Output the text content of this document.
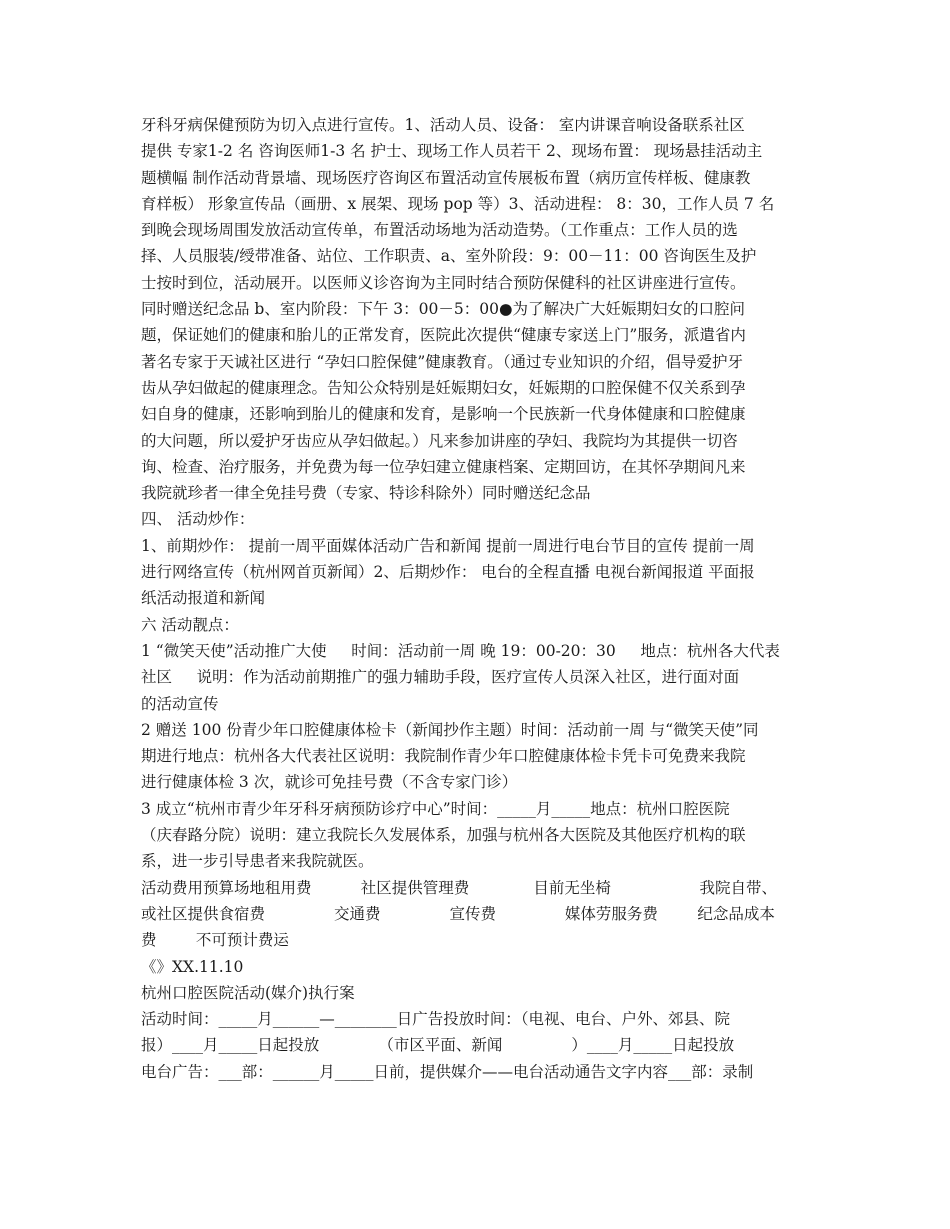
牙科牙病保健预防为切入点进行宣传。1、活动人员、设备： 室内讲课音响设备联系社区
提供 专家1-2 名 咨询医师1-3 名 护士、现场工作人员若干 2、现场布置： 现场悬挂活动主
题横幅 制作活动背景墙、现场医疗咨询区布置活动宣传展板布置（病历宣传样板、健康教
育样板） 形象宣传品（画册、x 展架、现场 pop 等）3、活动进程： 8：30，工作人员 7 名
到晚会现场周围发放活动宣传单，布置活动场地为活动造势。（工作重点：工作人员的选
择、人员服装/绶带准备、站位、工作职责、a、室外阶段：9：00－11：00 咨询医生及护
士按时到位，活动展开。以医师义诊咨询为主同时结合预防保健科的社区讲座进行宣传。
同时赠送纪念品 b、室内阶段：下午 3：00－5：00●为了解决广大妊娠期妇女的口腔问
题，保证她们的健康和胎儿的正常发育，医院此次提供“健康专家送上门”服务，派遣省内
著名专家于天诚社区进行 “孕妇口腔保健”健康教育。（通过专业知识的介绍，倡导爱护牙
齿从孕妇做起的健康理念。告知公众特别是妊娠期妇女，妊娠期的口腔保健不仅关系到孕
妇自身的健康，还影响到胎儿的健康和发育，是影响一个民族新一代身体健康和口腔健康
的大问题，所以爱护牙齿应从孕妇做起。）凡来参加讲座的孕妇、我院均为其提供一切咨
询、检查、治疗服务，并免费为每一位孕妇建立健康档案、定期回访，在其怀孕期间凡来
我院就珍者一律全免挂号费（专家、特诊科除外）同时赠送纪念品
四、 活动炒作：
1、前期炒作： 提前一周平面媒体活动广告和新闻 提前一周进行电台节目的宣传 提前一周
进行网络宣传（杭州网首页新闻）2、后期炒作： 电台的全程直播 电视台新闻报道 平面报
纸活动报道和新闻
六 活动靓点：
1 “微笑天使”活动推广大使     时间：活动前一周 晚 19：00-20：30     地点：杭州各大代表
社区     说明：作为活动前期推广的强力辅助手段，医疗宣传人员深入社区，进行面对面
的活动宣传
2 赠送 100 份青少年口腔健康体检卡（新闻抄作主题）时间：活动前一周 与“微笑天使”同
期进行地点：杭州各大代表社区说明：我院制作青少年口腔健康体检卡凭卡可免费来我院
进行健康体检 3 次，就诊可免挂号费（不含专家门诊）
3 成立“杭州市青少年牙科牙病预防诊疗中心”时间：_____月_____地点：杭州口腔医院
（庆春路分院）说明：建立我院长久发展体系，加强与杭州各大医院及其他医疗机构的联
系，进一步引导患者来我院就医。
活动费用预算场地租用费          社区提供管理费             目前无坐椅                  我院自带、
或社区提供食宿费              交通费              宣传费              媒体劳服务费        纪念品成本
费        不可预计费运
《》XX.11.10
杭州口腔医院活动(媒介)执行案
活动时间：_____月______—________日广告投放时间：（电视、电台、户外、郊县、院
报）____月_____日起投放            （市区平面、新闻              ）____月_____日起投放
电台广告：___部：______月_____日前，提供媒介——电台活动通告文字内容___部：录制
